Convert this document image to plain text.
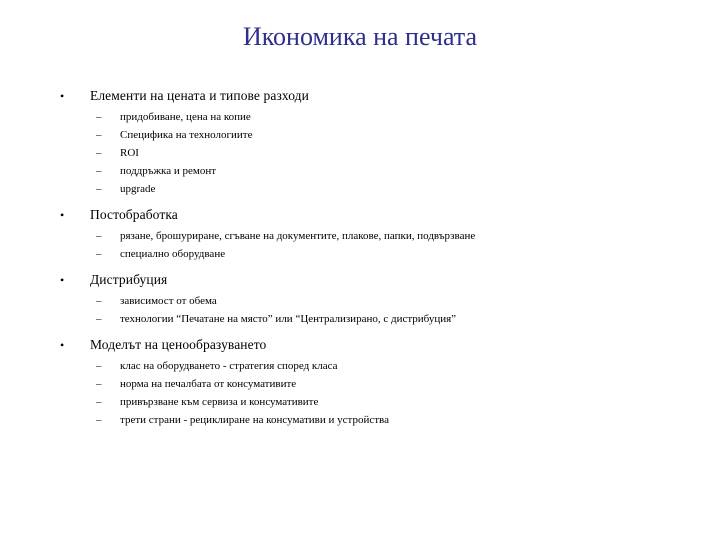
Икономика на печата
•	Елементи на цената и типове разходи
–	придобиване, цена на копие
–	Специфика на технологиите
–	ROI
–	поддръжка и ремонт
–	upgrade
•	Постобработка
–	рязане, брошуриране, сгъване на документите, плакове, папки, подвързване
–	специално оборудване
•	Дистрибуция
–	зависимост от обема
–	технологии “Печатане на място” или “Централизирано, с дистрибуция”
•	Моделът на ценообразуването
–	клас на оборудването - стратегия според класа
–	норма на печалбата от консумативите
–	привързване към сервиза и консумативите
–	трети страни - рециклиране на консумативи и устройства
